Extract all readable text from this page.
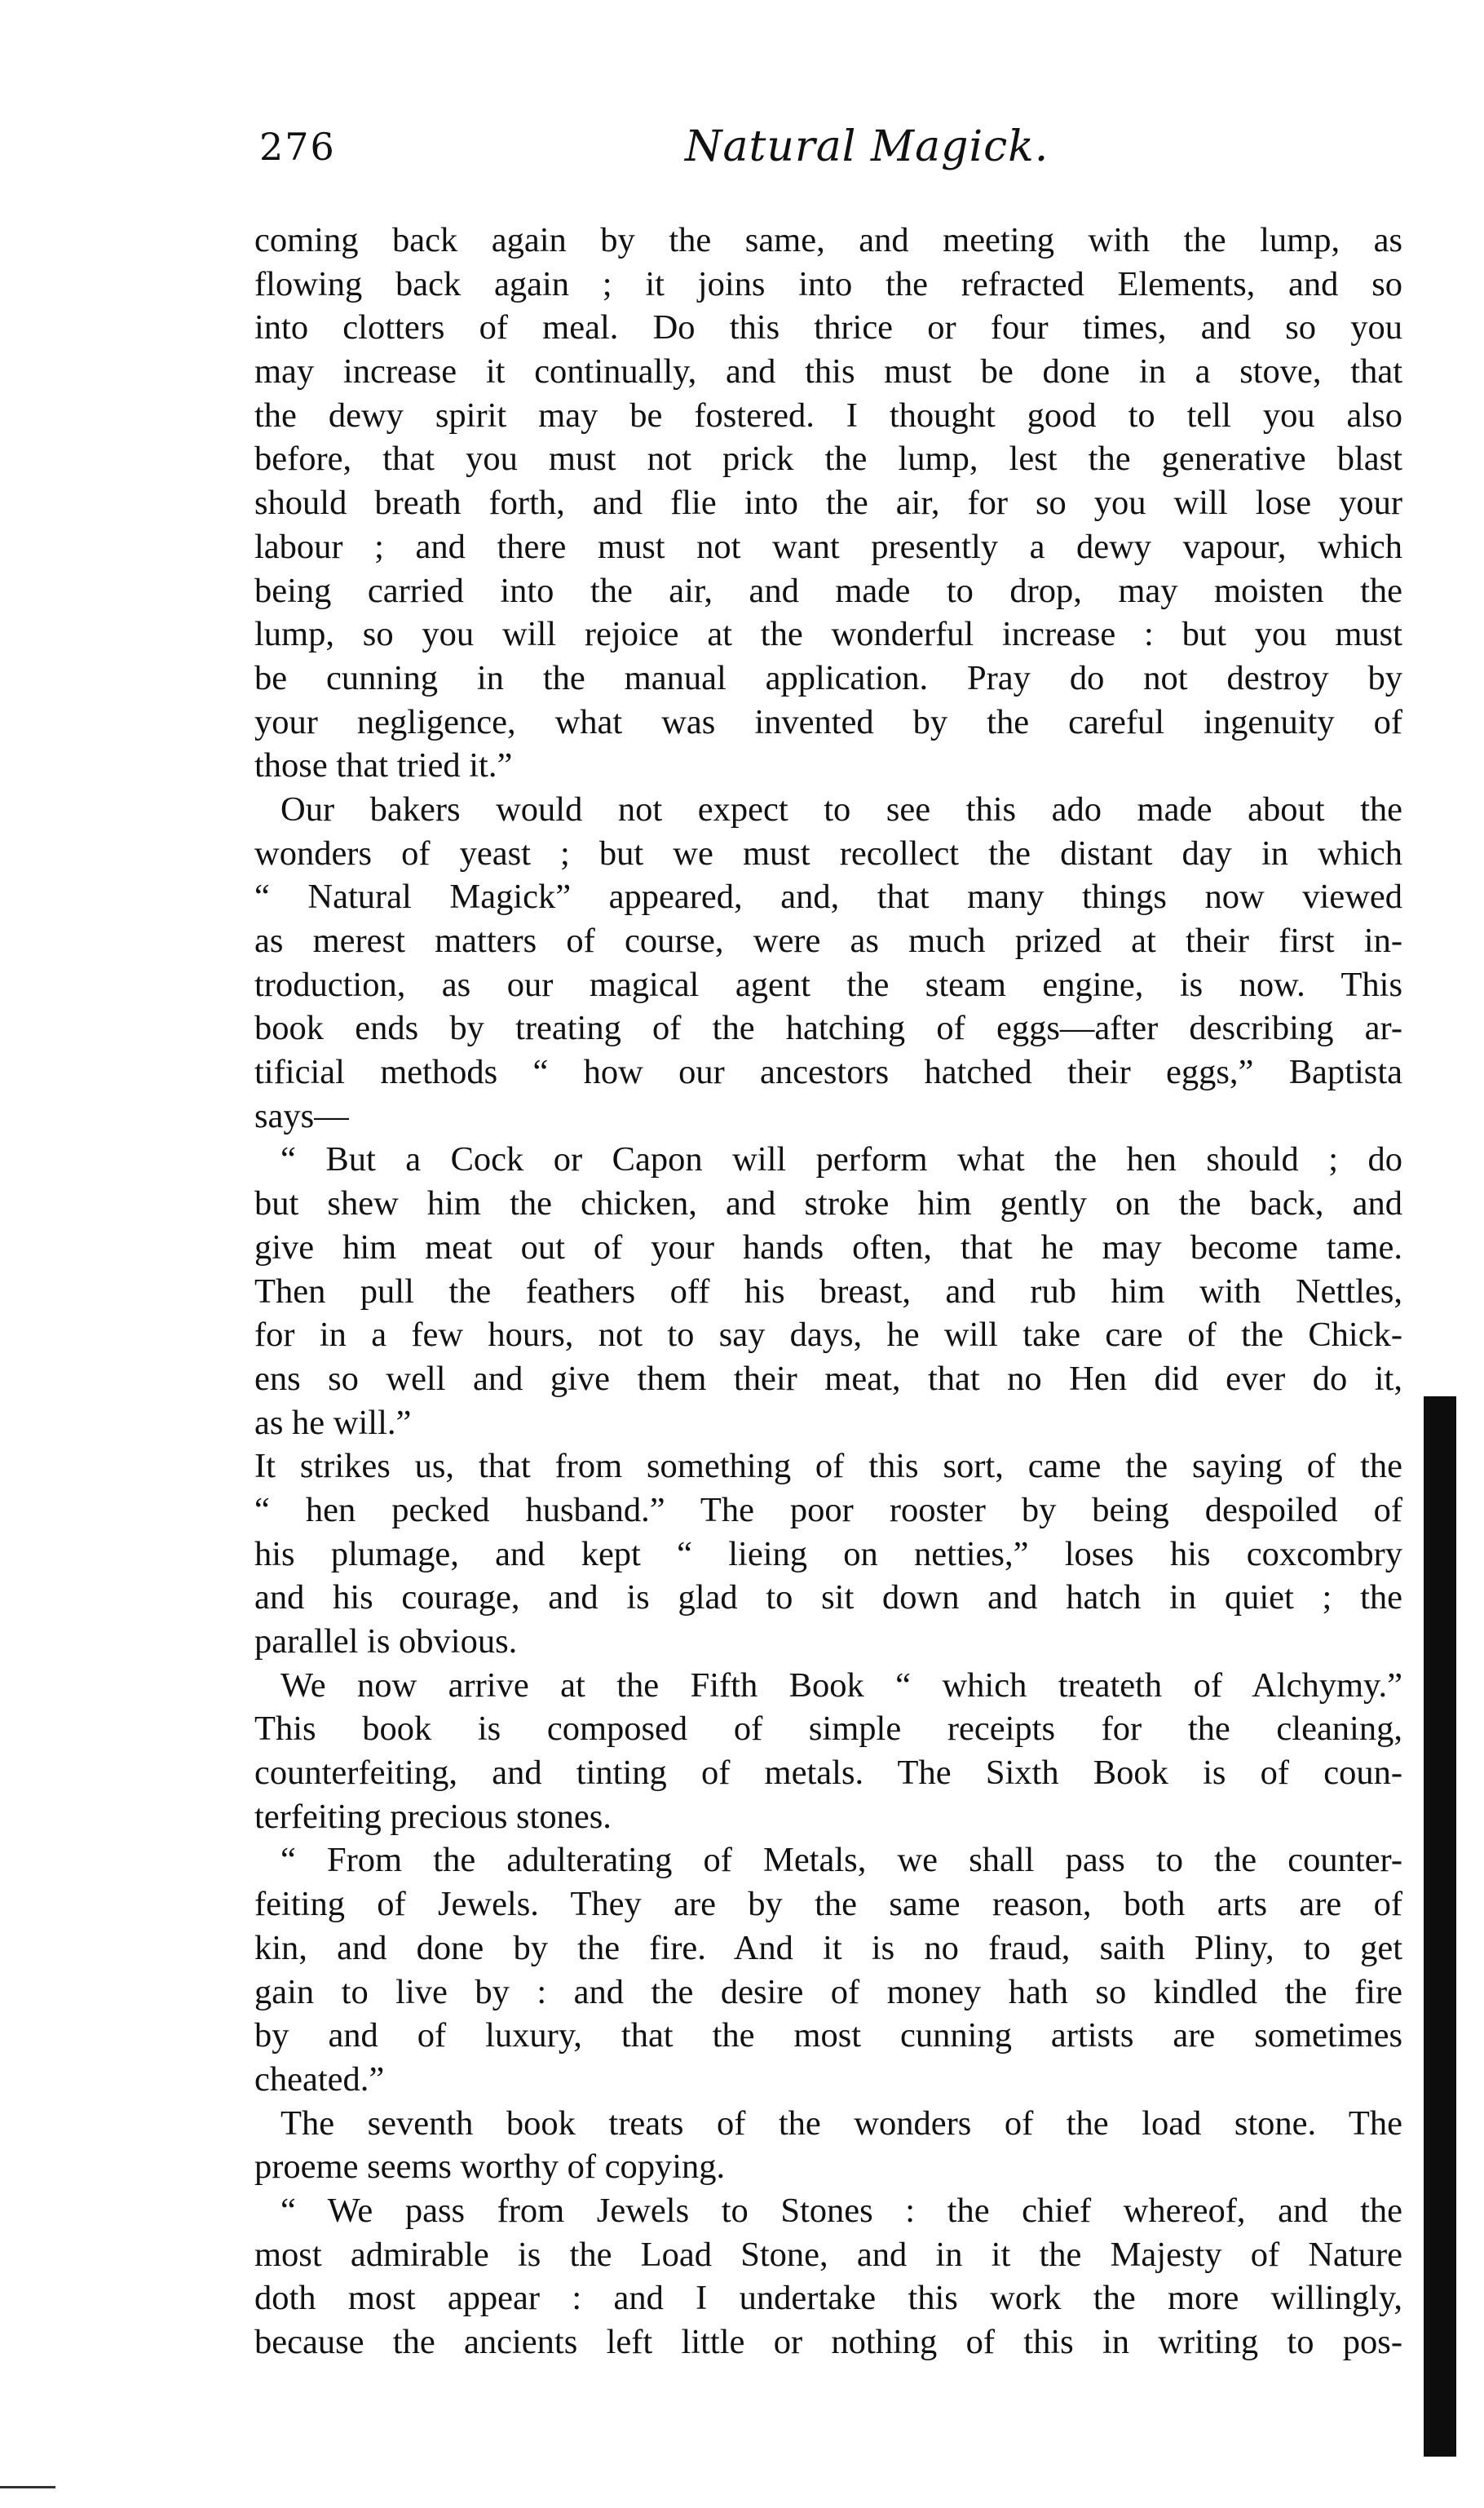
276	Natural Magick.
coming back again by the same, and meeting with the lump, as
flowing back again ; it joins into the refracted Elements, and so
into clotters of meal. Do this thrice or four times, and so you
may increase it continually, and this must be done in a stove, that
the dewy spirit may be fostered. I thought good to tell you also
before, that you must not prick the lump, lest the generative blast
should breath forth, and flie into the air, for so you will lose your
labour ; and there must not want presently a dewy vapour, which
being carried into the air, and made to drop, may moisten the
lump, so you will rejoice at the wonderful increase : but you must
be cunning in the manual application. Pray do not destroy by
your negligence, what was invented by the careful ingenuity of
those that tried it.”
Our bakers would not expect to see this ado made about the
wonders of yeast ; but we must recollect the distant day in which
“ Natural Magick” appeared, and, that many things now viewed
as merest matters of course, were as much prized at their first in-
troduction, as our magical agent the steam engine, is now. This
book ends by treating of the hatching of eggs—after describing ar-
tificial methods “ how our ancestors hatched their eggs,” Baptista
says—
“ But a Cock or Capon will perform what the hen should ; do
but shew him the chicken, and stroke him gently on the back, and
give him meat out of your hands often, that he may become tame.
Then pull the feathers off his breast, and rub him with Nettles,
for in a few hours, not to say days, he will take care of the Chick-
ens so well and give them their meat, that no Hen did ever do it,
as he will.”
It strikes us, that from something of this sort, came the saying of the
“ hen pecked husband.” The poor rooster by being despoiled of
his plumage, and kept “ lieing on netties,” loses his coxcombry
and his courage, and is glad to sit down and hatch in quiet ; the
parallel is obvious.
We now arrive at the Fifth Book “ which treateth of Alchymy.”
This book is composed of simple receipts for the cleaning,
counterfeiting, and tinting of metals. The Sixth Book is of coun-
terfeiting precious stones.
“ From the adulterating of Metals, we shall pass to the counter-
feiting of Jewels. They are by the same reason, both arts are of
kin, and done by the fire. And it is no fraud, saith Pliny, to get
gain to live by : and the desire of money hath so kindled the fire
by and of luxury, that the most cunning artists are sometimes
cheated.”
The seventh book treats of the wonders of the load stone. The
proeme seems worthy of copying.
“ We pass from Jewels to Stones : the chief whereof, and the
most admirable is the Load Stone, and in it the Majesty of Nature
doth most appear : and I undertake this work the more willingly,
because the ancients left little or nothing of this in writing to pos-
